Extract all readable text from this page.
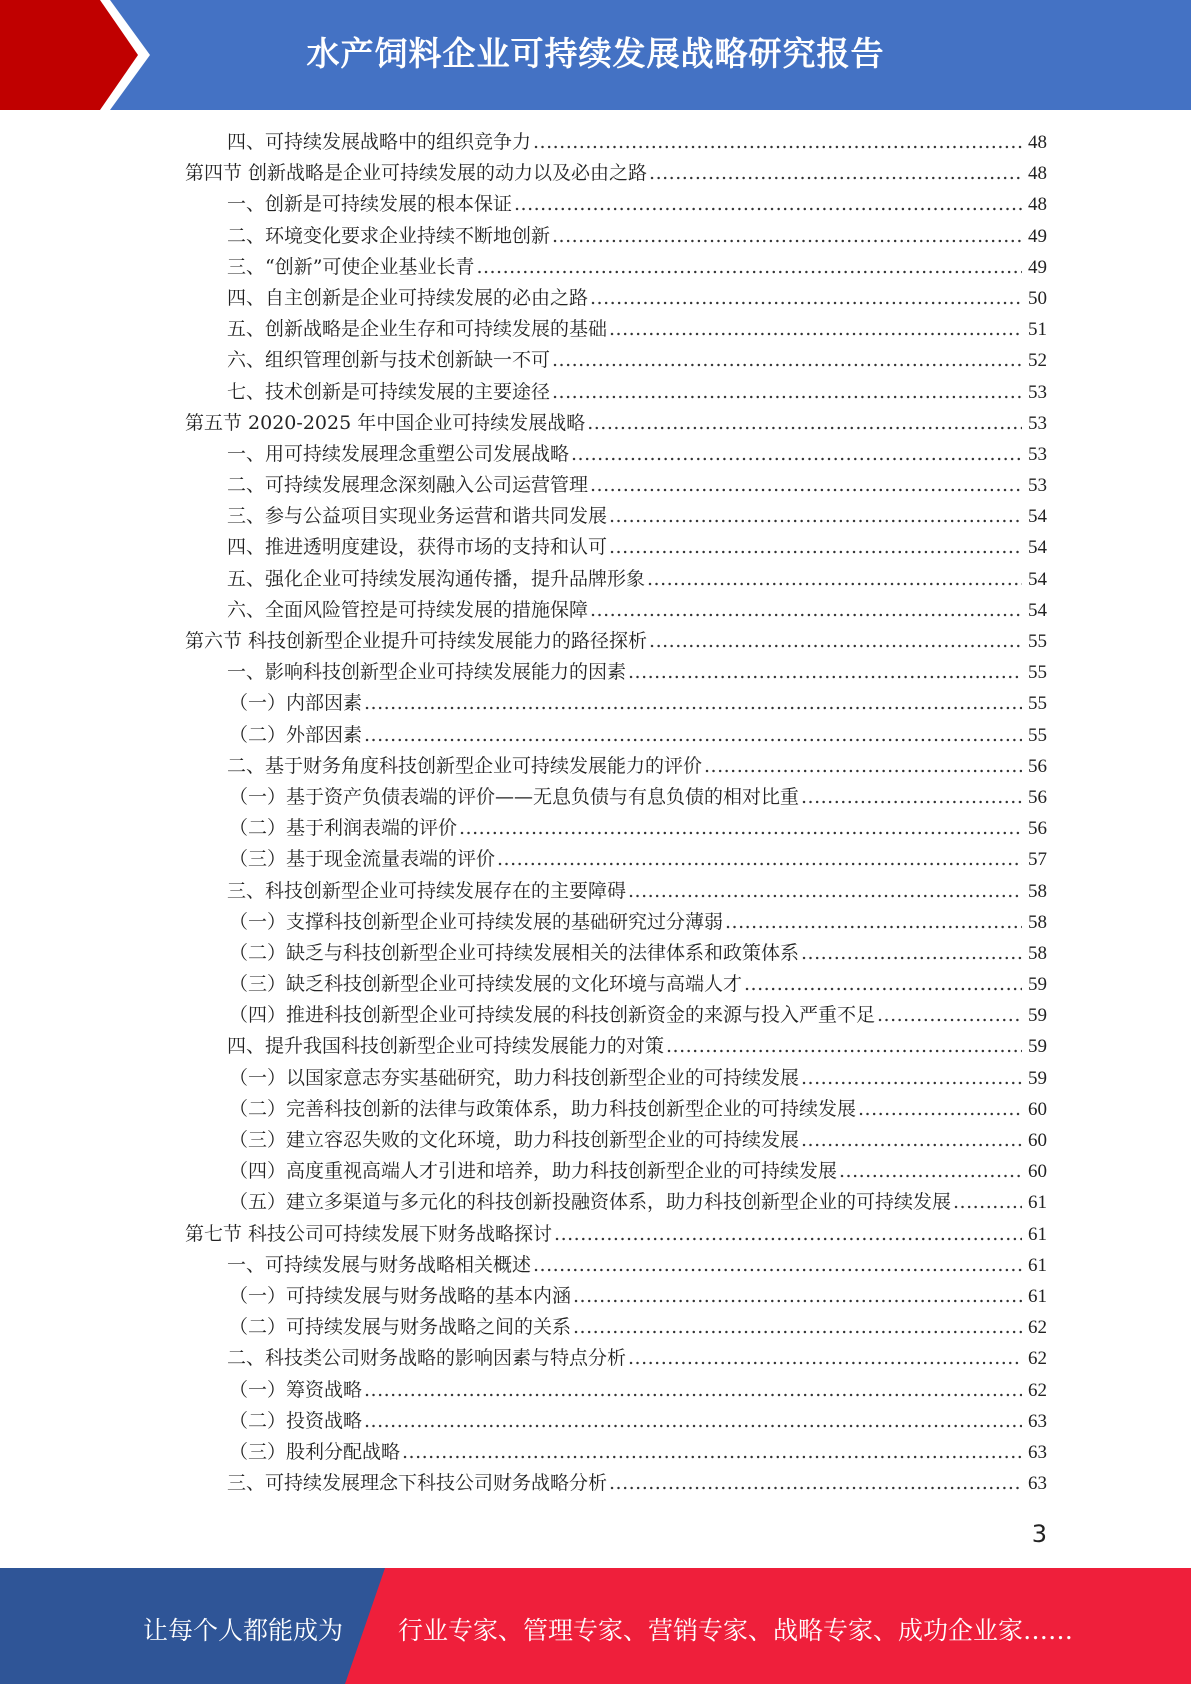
水产饲料企业可持续发展战略研究报告
四、可持续发展战略中的组织竞争力 .....	48
第四节 创新战略是企业可持续发展的动力以及必由之路 .....	48
一、创新是可持续发展的根本保证 .....	48
二、环境变化要求企业持续不断地创新 .....	49
三、“创新”可使企业基业长青 .....	49
四、自主创新是企业可持续发展的必由之路 .....	50
五、创新战略是企业生存和可持续发展的基础 .....	51
六、组织管理创新与技术创新缺一不可 .....	52
七、技术创新是可持续发展的主要途径 .....	53
第五节 2020-2025 年中国企业可持续发展战略 .....	53
一、用可持续发展理念重塑公司发展战略 .....	53
二、可持续发展理念深刻融入公司运营管理 .....	53
三、参与公益项目实现业务运营和谐共同发展 .....	54
四、推进透明度建设，获得市场的支持和认可 .....	54
五、强化企业可持续发展沟通传播，提升品牌形象 .....	54
六、全面风险管控是可持续发展的措施保障 .....	54
第六节 科技创新型企业提升可持续发展能力的路径探析 .....	55
一、影响科技创新型企业可持续发展能力的因素 .....	55
（一）内部因素 .....	55
（二）外部因素 .....	55
二、基于财务角度科技创新型企业可持续发展能力的评价 .....	56
（一）基于资产负债表端的评价——无息负债与有息负债的相对比重 .....	56
（二）基于利润表端的评价 .....	56
（三）基于现金流量表端的评价 .....	57
三、科技创新型企业可持续发展存在的主要障碍 .....	58
（一）支撑科技创新型企业可持续发展的基础研究过分薄弱 .....	58
（二）缺乏与科技创新型企业可持续发展相关的法律体系和政策体系 .....	58
（三）缺乏科技创新型企业可持续发展的文化环境与高端人才 .....	59
（四）推进科技创新型企业可持续发展的科技创新资金的来源与投入严重不足 .....	59
四、提升我国科技创新型企业可持续发展能力的对策 .....	59
（一）以国家意志夯实基础研究，助力科技创新型企业的可持续发展 .....	59
（二）完善科技创新的法律与政策体系，助力科技创新型企业的可持续发展 .....	60
（三）建立容忍失败的文化环境，助力科技创新型企业的可持续发展 .....	60
（四）高度重视高端人才引进和培养，助力科技创新型企业的可持续发展 .....	60
（五）建立多渠道与多元化的科技创新投融资体系，助力科技创新型企业的可持续发展 .....	61
第七节 科技公司可持续发展下财务战略探讨 .....	61
一、可持续发展与财务战略相关概述 .....	61
（一）可持续发展与财务战略的基本内涵 .....	61
（二）可持续发展与财务战略之间的关系 .....	62
二、科技类公司财务战略的影响因素与特点分析 .....	62
（一）筹资战略 .....	62
（二）投资战略 .....	63
（三）股利分配战略 .....	63
三、可持续发展理念下科技公司财务战略分析 .....	63
3
让每个人都能成为 行业专家、管理专家、营销专家、战略专家、成功企业家……
